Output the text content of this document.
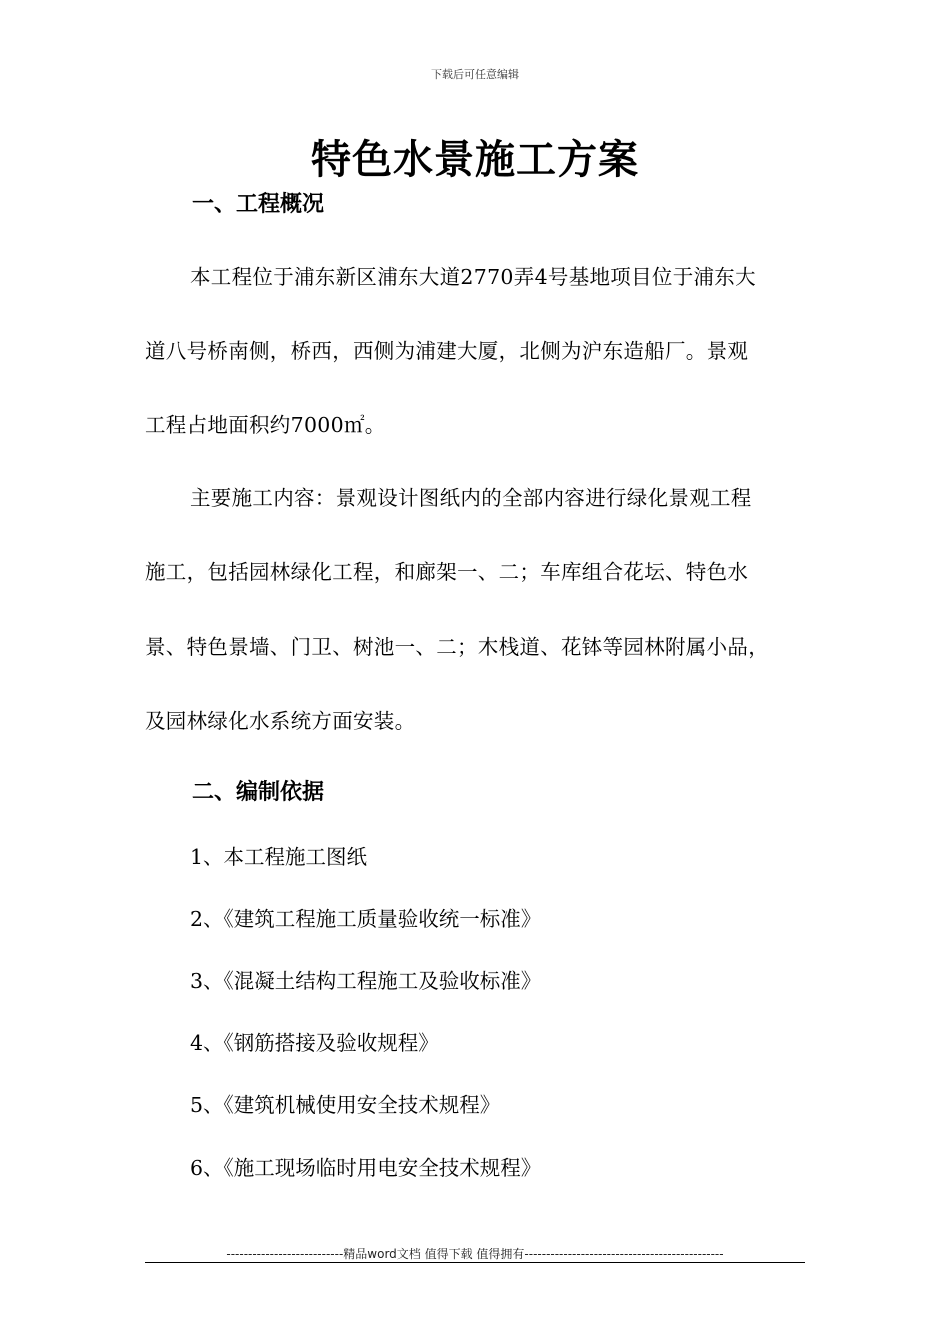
下载后可任意编辑

特色水景施工方案
一、工程概况

本工程位于浦东新区浦东大道2770弄4号基地项目位于浦东大

道八号桥南侧，桥西，西侧为浦建大厦，北侧为沪东造船厂。景观

工程占地面积约7000㎡。

主要施工内容：景观设计图纸内的全部内容进行绿化景观工程

施工，包括园林绿化工程，和廊架一、二；车库组合花坛、特色水

景、特色景墙、门卫、树池一、二；木栈道、花钵等园林附属小品，

及园林绿化水系统方面安装。

二、编制依据

1、本工程施工图纸

2、《建筑工程施工质量验收统一标准》

3、《混凝土结构工程施工及验收标准》

4、《钢筋搭接及验收规程》

5、《建筑机械使用安全技术规程》

6、《施工现场临时用电安全技术规程》

---------------------------精品word文档 值得下载 值得拥有----------------------------------------------
